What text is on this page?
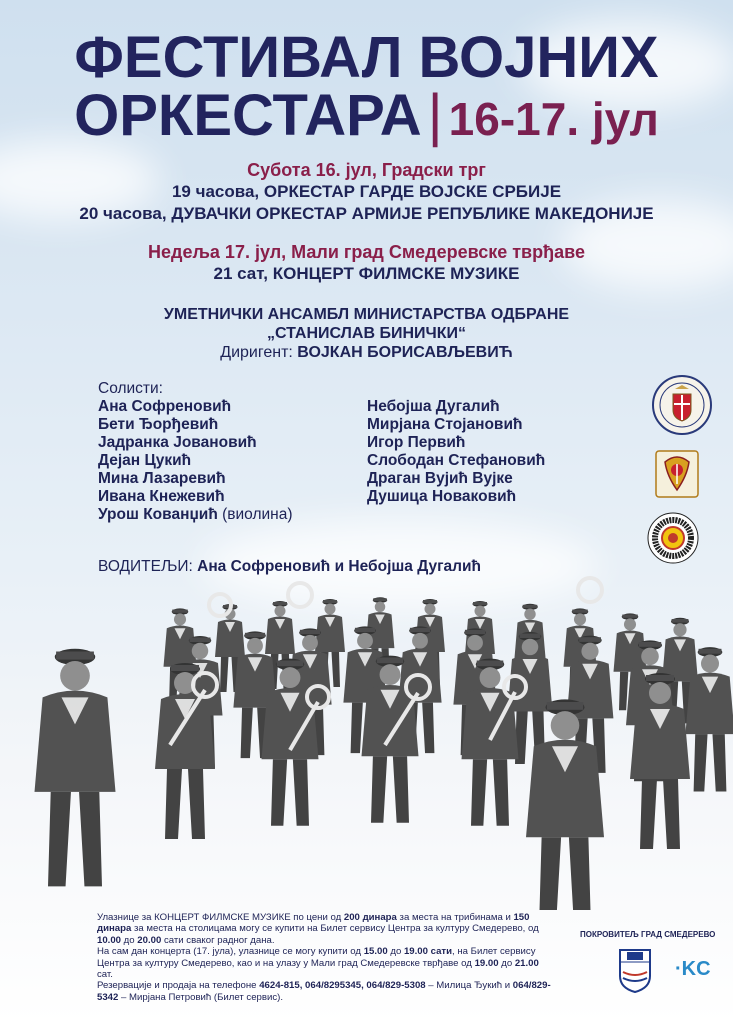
ФЕСТИВАЛ ВОЈНИХ
ОРКЕСТАРА | 16-17. јул
Субота 16. јул, Градски трг
19 часова, ОРКЕСТАР ГАРДЕ ВОЈСКЕ СРБИЈЕ
20 часова, ДУВАЧКИ ОРКЕСТАР АРМИЈЕ РЕПУБЛИКЕ МАКЕДОНИЈЕ
Недеља 17. јул, Мали град Смедеревске тврђаве
21 сат, КОНЦЕРТ ФИЛМСКЕ МУЗИКЕ
УМЕТНИЧКИ АНСАМБЛ МИНИСТАРСТВА ОДБРАНЕ
„СТАНИСЛАВ БИНИЧКИ“
Диригент: ВОЈКАН БОРИСАВЉЕВИЋ
Солисти:
Ана Софреновић
Бети Ђорђевић
Јадранка Јовановић
Дејан Цукић
Мина Лазаревић
Ивана Кнежевић
Урош Кованџић (виолина)
Небојша Дугалић
Мирјана Стојановић
Игор Первић
Слободан Стефановић
Драган Вујић Вујке
Душица Новаковић
ВОДИТЕЉИ: Ана Софреновић и Небојша Дугалић
Улазнице за КОНЦЕРТ ФИЛМСКЕ МУЗИКЕ по цени од 200 динара за места на трибинама и 150 динара за места на столицама могу се купити на Билет сервису Центра за културу Смедерево, од 10.00 до 20.00 сати сваког радног дана.
На сам дан концерта (17. јула), улазнице се могу купити од 15.00 до 19.00 сати, на Билет сервису Центра за културу Смедерево, као и на улазу у Мали град Смедеревске тврђаве од 19.00 до 21.00 сат.
Резервације и продаја на телефоне 4624-815, 064/8295345, 064/829-5308 – Милица Ђукић и 064/829-5342 – Мирјана Петровић (Билет сервис).
ПОКРОВИТЕЉ ГРАД СМЕДЕРЕВО
·KC
